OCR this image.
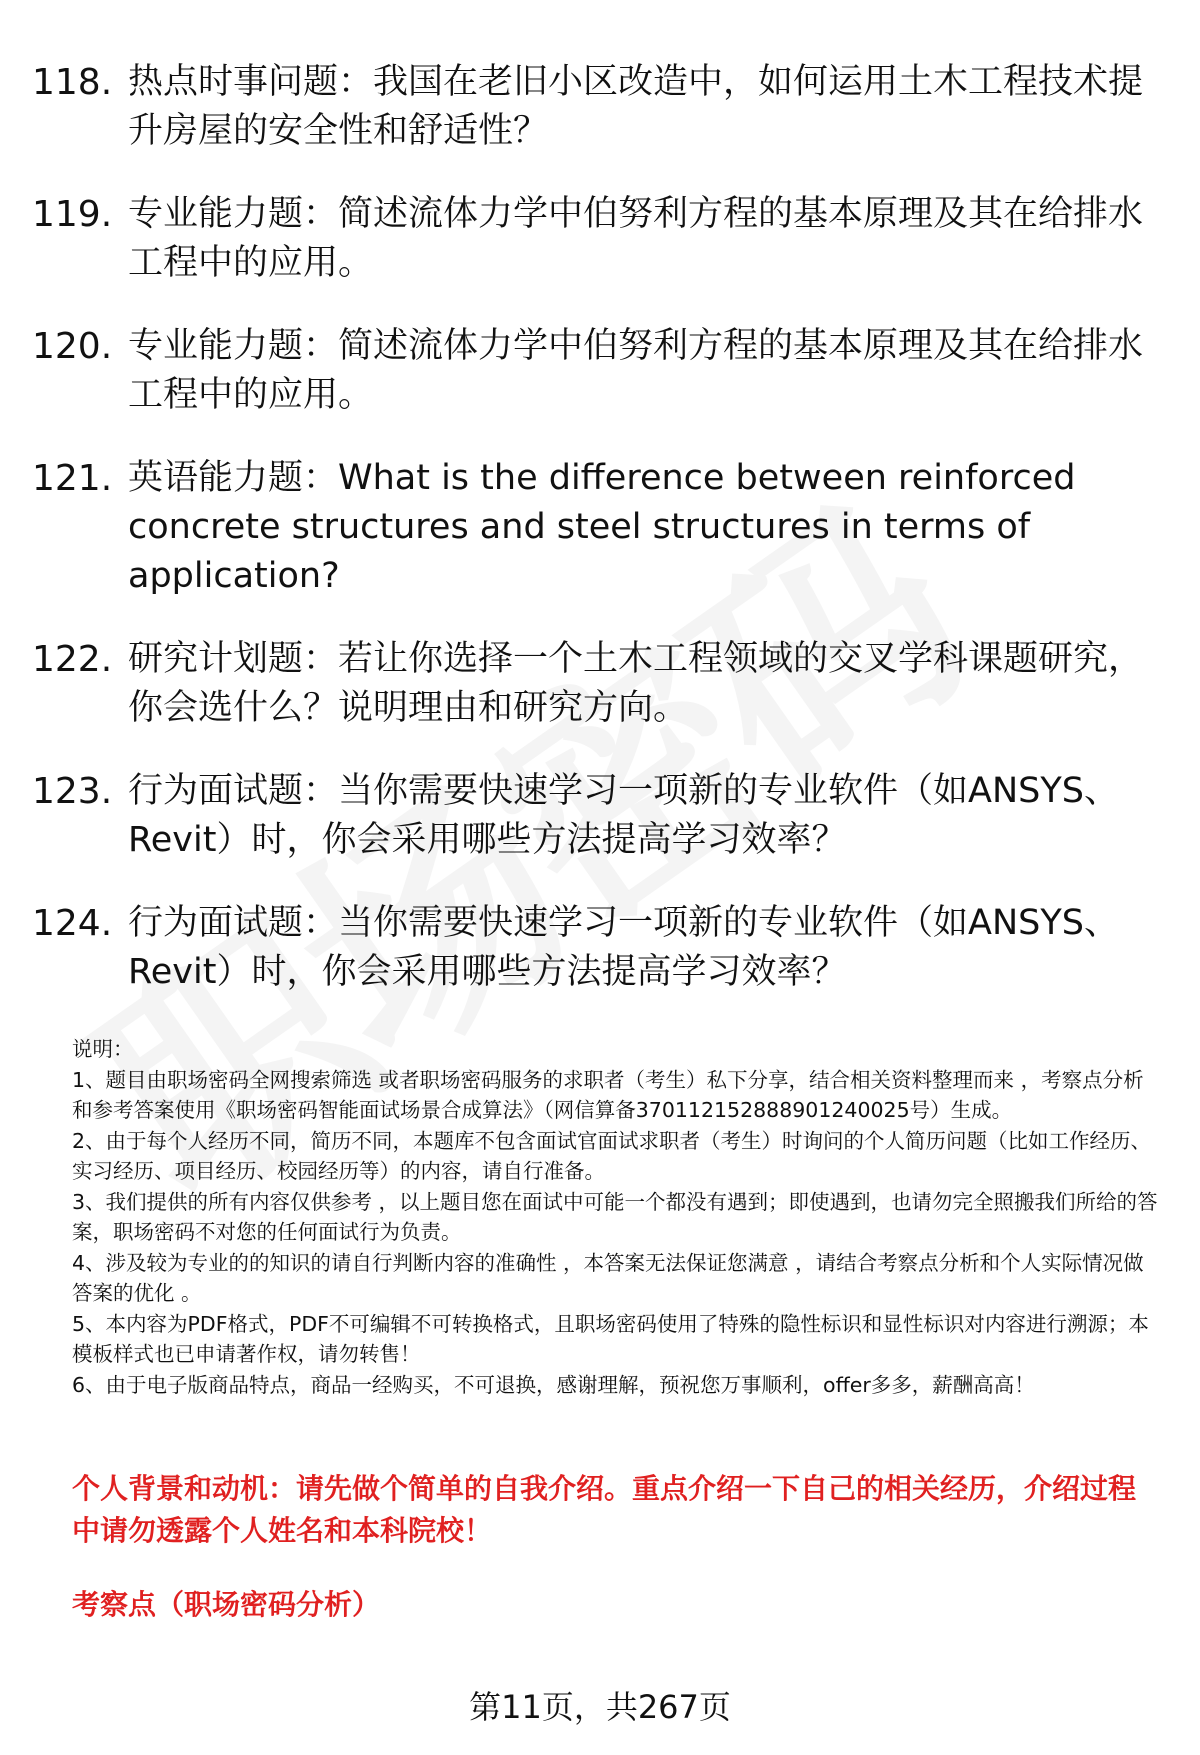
118. 热点时事问题：我国在老旧小区改造中，如何运用土木工程技术提升房屋的安全性和舒适性？
119. 专业能力题：简述流体力学中伯努利方程的基本原理及其在给排水工程中的应用。
120. 专业能力题：简述流体力学中伯努利方程的基本原理及其在给排水工程中的应用。
121. 英语能力题：What is the difference between reinforced concrete structures and steel structures in terms of application?
122. 研究计划题：若让你选择一个土木工程领域的交叉学科课题研究，你会选什么？说明理由和研究方向。
123. 行为面试题：当你需要快速学习一项新的专业软件（如ANSYS、Revit）时，你会采用哪些方法提高学习效率？
124. 行为面试题：当你需要快速学习一项新的专业软件（如ANSYS、Revit）时，你会采用哪些方法提高学习效率？

说明：

1、题目由职场密码全网搜索筛选 或者职场密码服务的求职者（考生）私下分享，结合相关资料整理而来 ，考察点分析和参考答案使用《职场密码智能面试场景合成算法》（网信算备370112152888901240025号）生成。

2、由于每个人经历不同，简历不同，本题库不包含面试官面试求职者（考生）时询问的个人简历问题（比如工作经历、实习经历、项目经历、校园经历等）的内容，请自行准备。

3、我们提供的所有内容仅供参考 ，以上题目您在面试中可能一个都没有遇到；即使遇到，也请勿完全照搬我们所给的答案，职场密码不对您的任何面试行为负责。

4、涉及较为专业的的知识的请自行判断内容的准确性 ，本答案无法保证您满意 ，请结合考察点分析和个人实际情况做答案的优化 。

5、本内容为PDF格式，PDF不可编辑不可转换格式，且职场密码使用了特殊的隐性标识和显性标识对内容进行溯源；本模板样式也已申请著作权，请勿转售！

6、由于电子版商品特点，商品一经购买，不可退换，感谢理解，预祝您万事顺利，offer多多，薪酬高高！

个人背景和动机：请先做个简单的自我介绍。重点介绍一下自己的相关经历，介绍过程中请勿透露个人姓名和本科院校！
考察点（职场密码分析）
第11页，共267页
